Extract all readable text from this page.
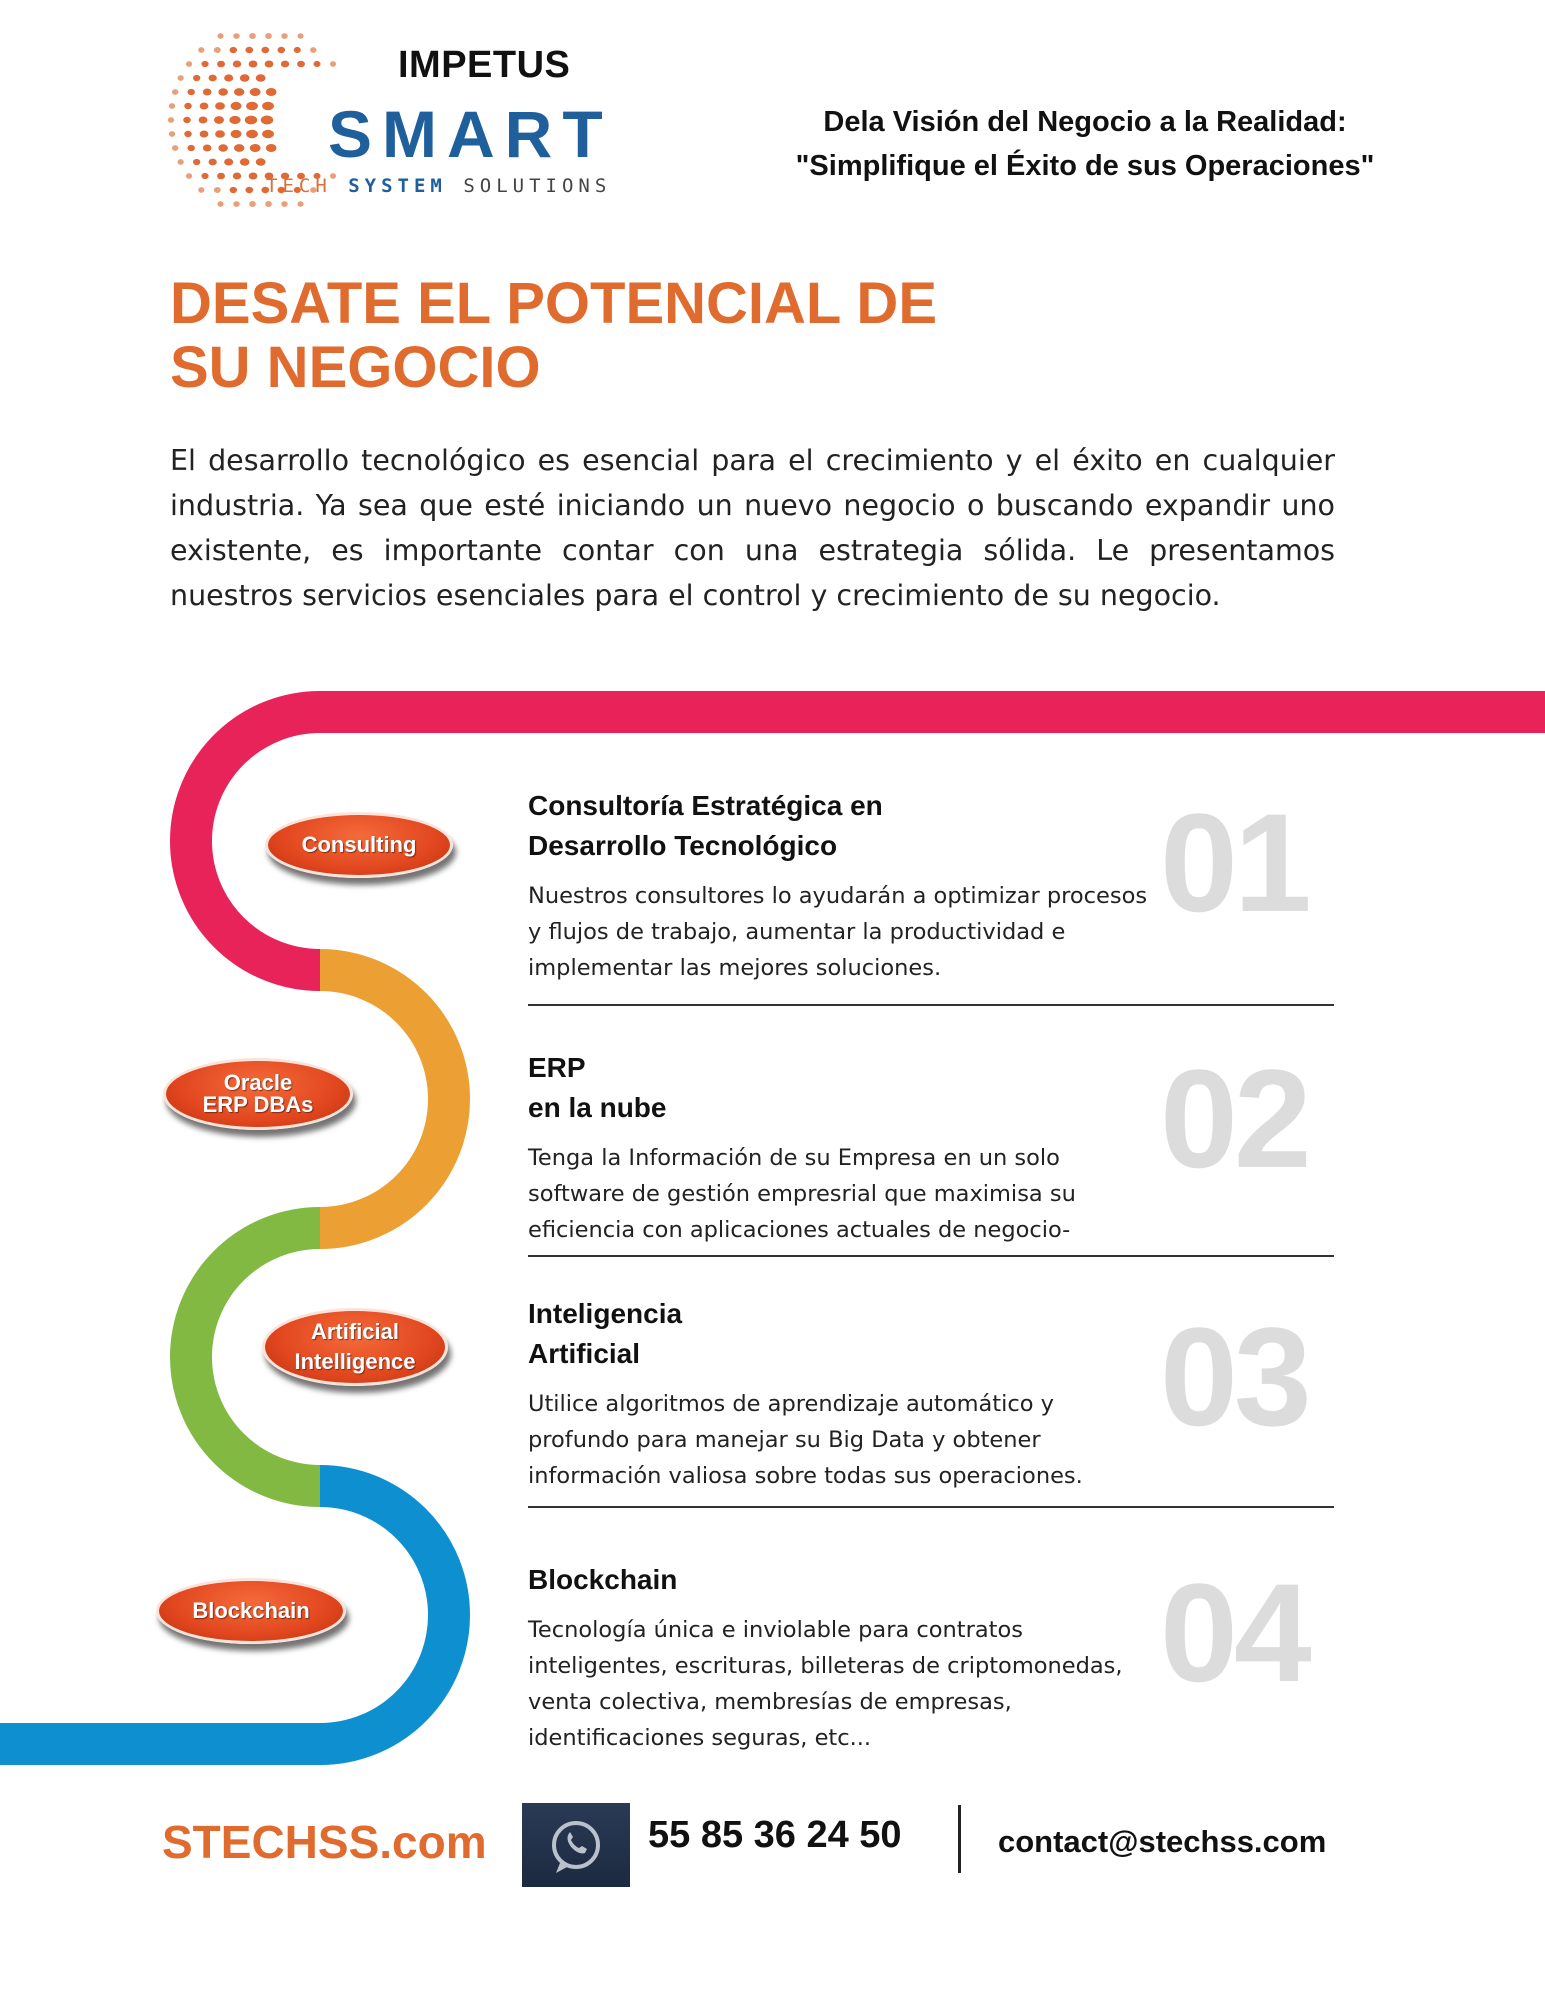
IMPETUS
SMART
TECH SYSTEM SOLUTIONS
Dela Visión del Negocio a la Realidad:
"Simplifique el Éxito de sus Operaciones"
DESATE EL POTENCIAL DE
SU NEGOCIO

El desarrollo tecnológico es esencial para el crecimiento y el éxito en cualquier industria. Ya sea que esté iniciando un nuevo negocio o buscando expandir uno existente, es importante contar con una estrategia sólida. Le presentamos nuestros servicios esenciales para el control y crecimiento de su negocio.

Consulting
Oracle
ERP DBAs
Artificial
Intelligence
Blockchain
Consultoría Estratégica en
Desarrollo Tecnológico	01
Nuestros consultores lo ayudarán a optimizar procesos
y flujos de trabajo, aumentar la productividad e
implementar las mejores soluciones.
ERP
en la nube	02
Tenga la Información de su Empresa en un solo
software de gestión empresrial que maximisa su
eficiencia con aplicaciones actuales de negocio-
Inteligencia
Artificial	03
Utilice algoritmos de aprendizaje automático y
profundo para manejar su Big Data y obtener
información valiosa sobre todas sus operaciones.
Blockchain	04
Tecnología única e inviolable para contratos
inteligentes, escrituras, billeteras de criptomonedas,
venta colectiva, membresías de empresas,
identificaciones seguras, etc...
STECHSS.com	55 85 36 24 50	contact@stechss.com
